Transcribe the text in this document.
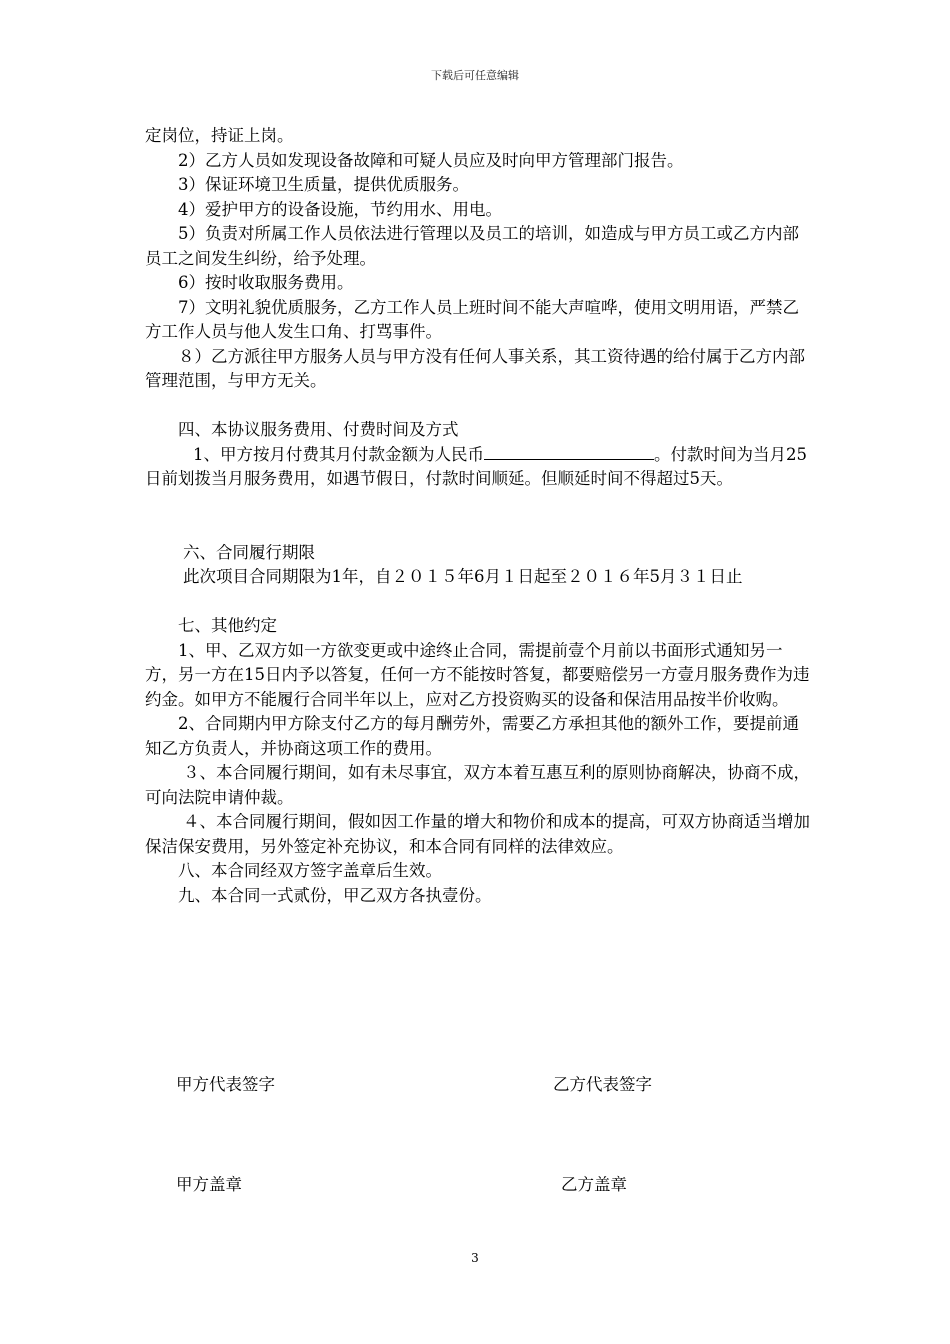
下载后可任意编辑

定岗位，持证上岗。

2）乙方人员如发现设备故障和可疑人员应及时向甲方管理部门报告。

3）保证环境卫生质量，提供优质服务。

4）爱护甲方的设备设施，节约用水、用电。

5）负责对所属工作人员依法进行管理以及员工的培训，如造成与甲方员工或乙方内部员工之间发生纠纷，给予处理。

6）按时收取服务费用。

7）文明礼貌优质服务，乙方工作人员上班时间不能大声喧哗，使用文明用语，严禁乙方工作人员与他人发生口角、打骂事件。

８）乙方派往甲方服务人员与甲方没有任何人事关系，其工资待遇的给付属于乙方内部管理范围，与甲方无关。

四、本协议服务费用、付费时间及方式

1、甲方按月付费其月付款金额为人民币	。付款时间为当月25日前划拨当月服务费用，如遇节假日，付款时间顺延。但顺延时间不得超过5天。

六、合同履行期限

此次项目合同期限为1年，自２０１５年6月１日起至２０１６年5月３１日止

七、其他约定

1、甲、乙双方如一方欲变更或中途终止合同，需提前壹个月前以书面形式通知另一方，另一方在15日内予以答复，任何一方不能按时答复，都要赔偿另一方壹月服务费作为违约金。如甲方不能履行合同半年以上，应对乙方投资购买的设备和保洁用品按半价收购。

2、合同期内甲方除支付乙方的每月酬劳外，需要乙方承担其他的额外工作，要提前通知乙方负责人，并协商这项工作的费用。

３、本合同履行期间，如有未尽事宜，双方本着互惠互利的原则协商解决，协商不成，可向法院申请仲裁。

４、本合同履行期间，假如因工作量的增大和物价和成本的提高，可双方协商适当增加保洁保安费用，另外签定补充协议，和本合同有同样的法律效应。

八、本合同经双方签字盖章后生效。

九、本合同一式贰份，甲乙双方各执壹份。

甲方代表签字	乙方代表签字
甲方盖章	乙方盖章
3
